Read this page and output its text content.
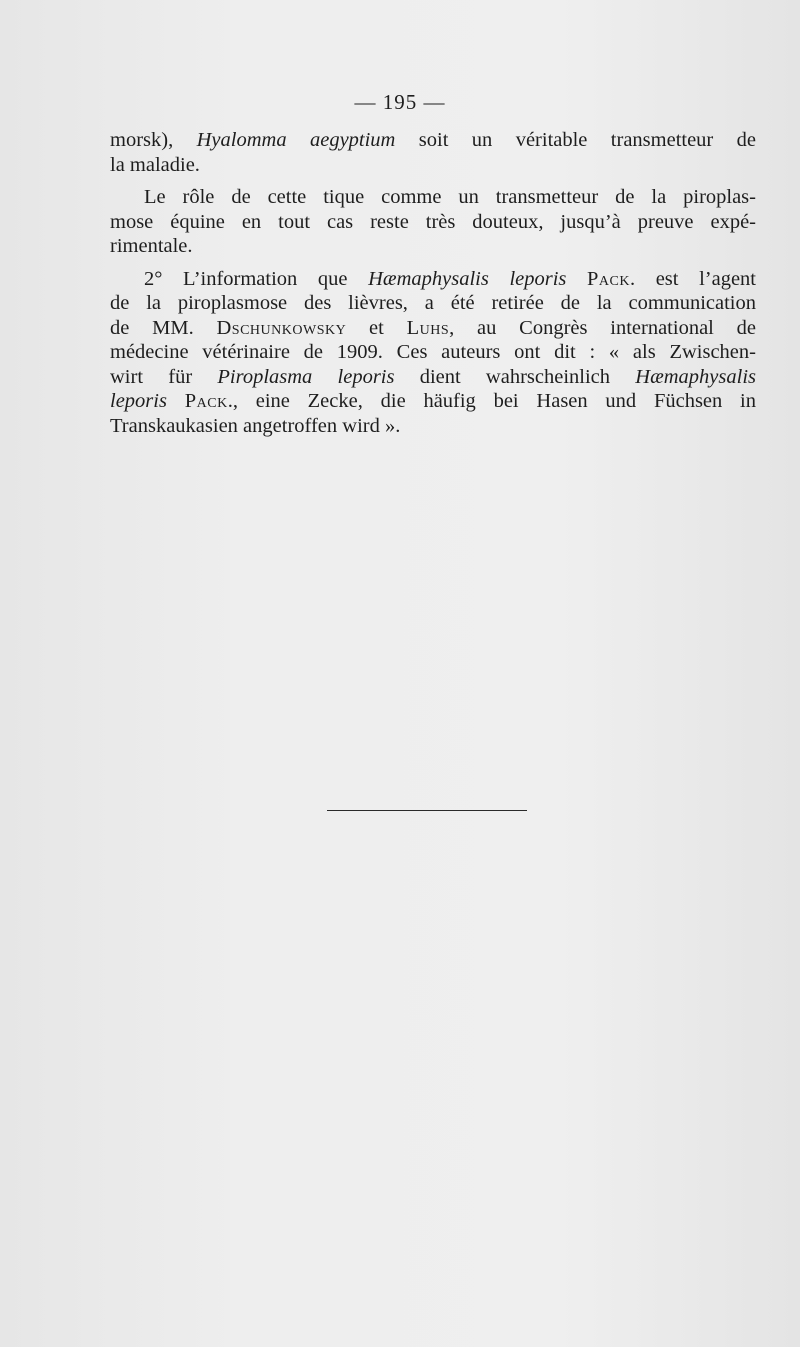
— 195 —
morsk), Hyalomma aegyptium soit un véritable transmetteur de
la maladie.
Le rôle de cette tique comme un transmetteur de la piroplas-
mose équine en tout cas reste très douteux, jusqu’à preuve expé-
rimentale.
2° L’information que Hæmaphysalis leporis Pack. est l’agent
de la piroplasmose des lièvres, a été retirée de la communication
de MM. Dschunkowsky et Luhs, au Congrès international de
médecine vétérinaire de 1909. Ces auteurs ont dit : « als Zwischen-
wirt für Piroplasma leporis dient wahrscheinlich Hæmaphysalis
leporis Pack., eine Zecke, die häufig bei Hasen und Füchsen in
Transkaukasien angetroffen wird ».
